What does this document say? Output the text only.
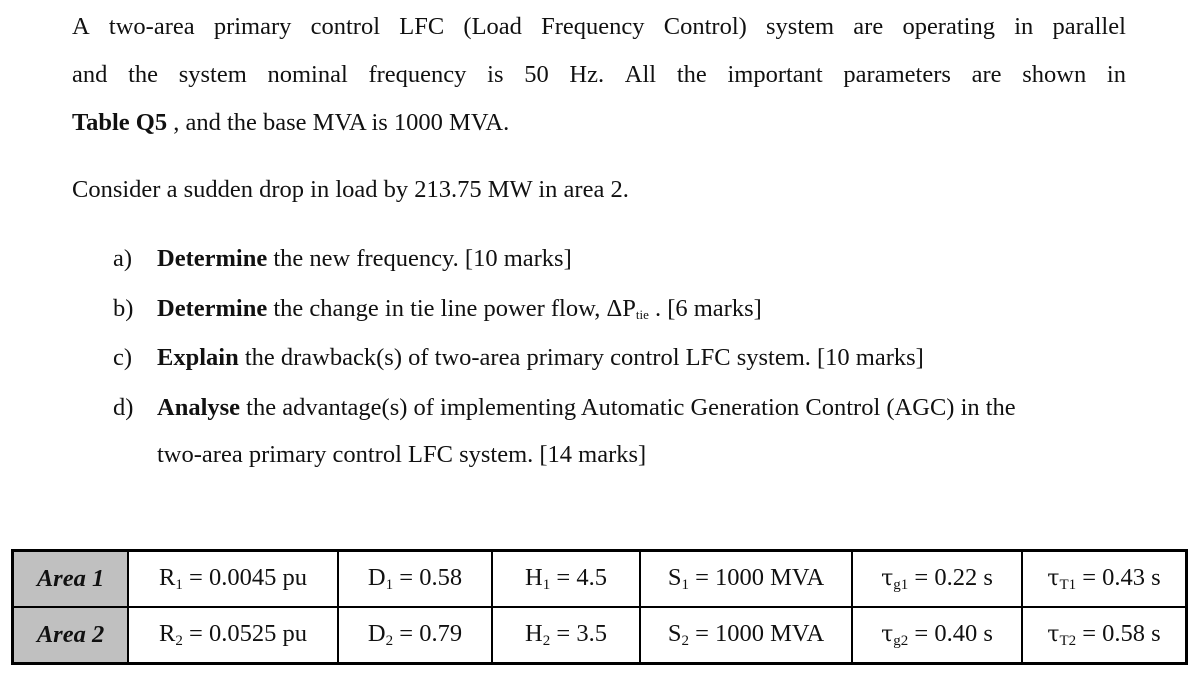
A two-area primary control LFC (Load Frequency Control) system are operating in parallel
and the system nominal frequency is 50 Hz. All the important parameters are shown in
Table Q5 , and the base MVA is 1000 MVA.
Consider a sudden drop in load by 213.75 MW in area 2.
a) Determine the new frequency. [10 marks]
b) Determine the change in tie line power flow, ΔPtie . [6 marks]
c) Explain the drawback(s) of two-area primary control LFC system. [10 marks]
d) Analyse the advantage(s) of implementing Automatic Generation Control (AGC) in the
two-area primary control LFC system. [14 marks]
Area 1	$R_1 = 0.0045$ pu	$D_1 = 0.58$	$H_1 = 4.5$	$S_1 = 1000$ MVA	$\tau_{g1} = 0.22$ s	$\tau_{T1} = 0.43$ s
Area 2	$R_2 = 0.0525$ pu	$D_2 = 0.79$	$H_2 = 3.5$	$S_2 = 1000$ MVA	$\tau_{g2} = 0.40$ s	$\tau_{T2} = 0.58$ s
